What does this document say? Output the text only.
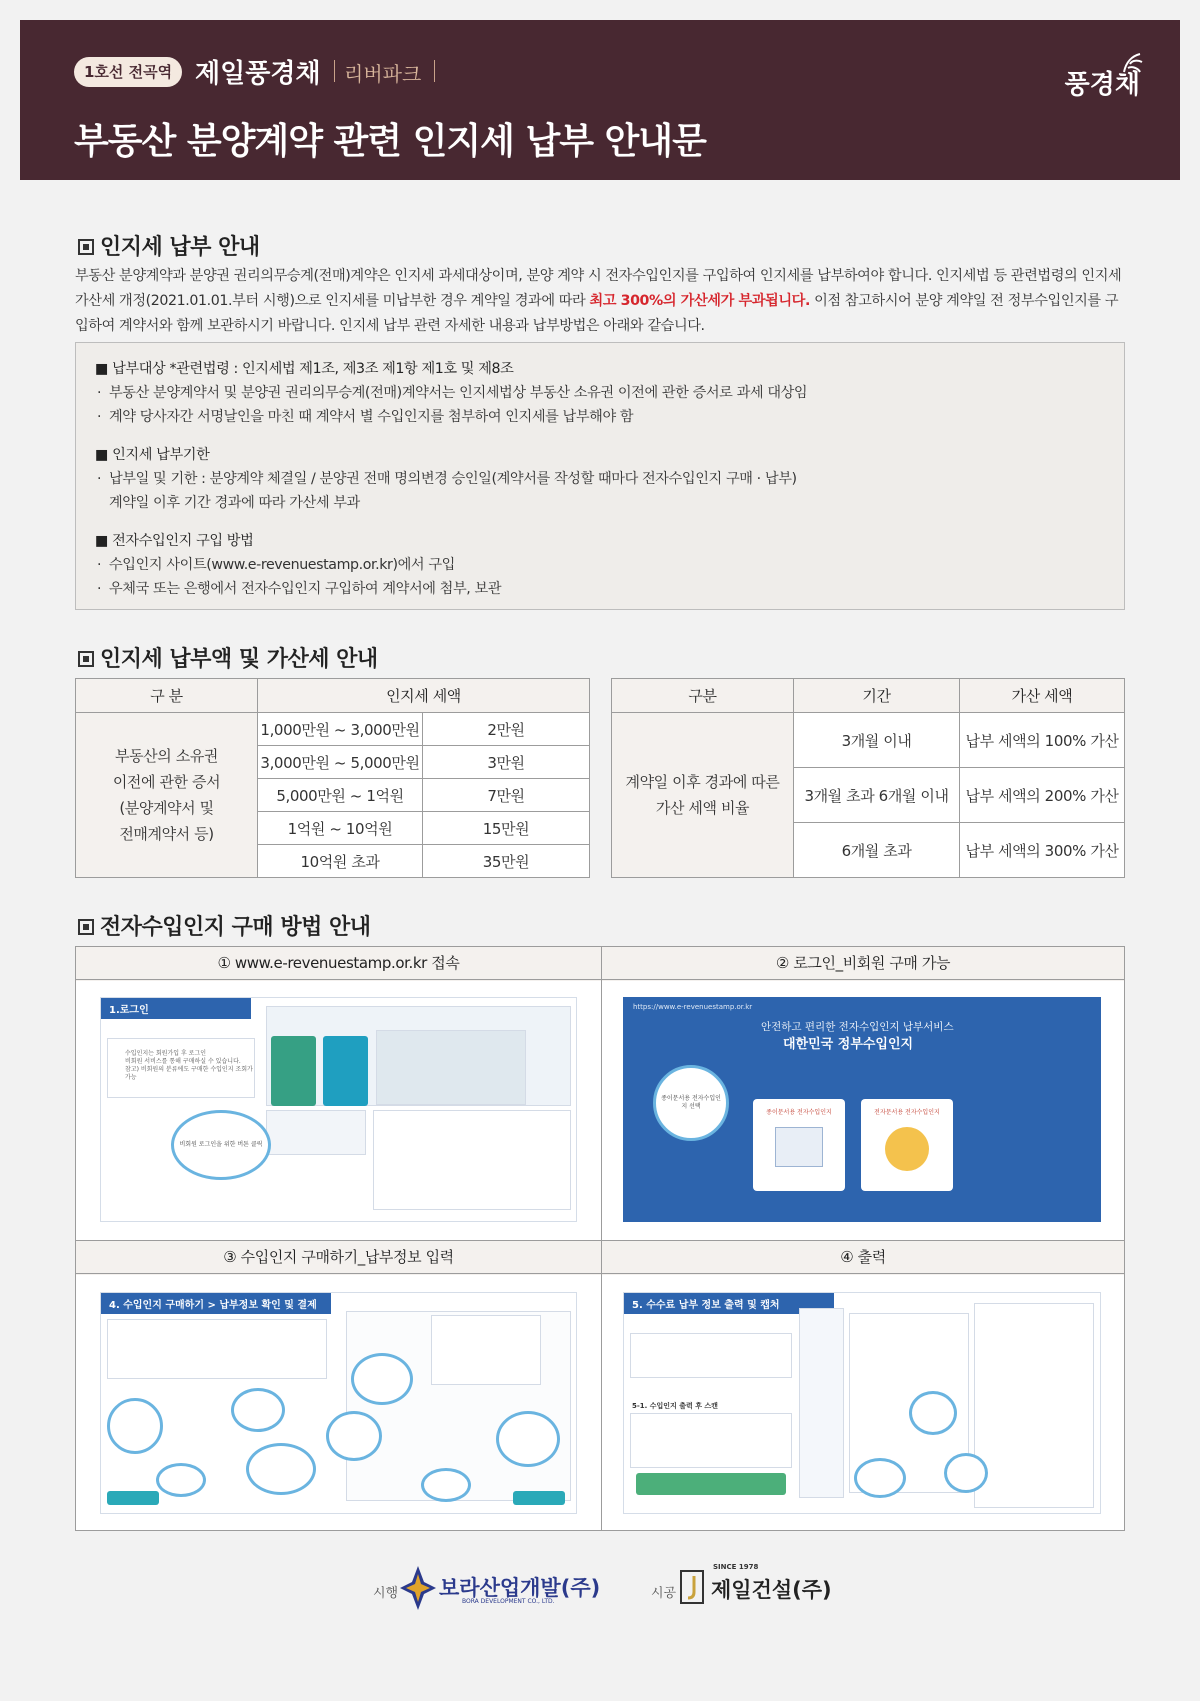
1호선 전곡역 제일풍경채 리버파크
부동산 분양계약 관련 인지세 납부 안내문
풍경채
인지세 납부 안내
부동산 분양계약과 분양권 권리의무승계(전매)계약은 인지세 과세대상이며, 분양 계약 시 전자수입인지를 구입하여 인지세를 납부하여야 합니다. 인지세법 등 관련법령의 인지세 가산세 개정(2021.01.01.부터 시행)으로 인지세를 미납부한 경우 계약일 경과에 따라 최고 300%의 가산세가 부과됩니다. 이점 참고하시어 분양 계약일 전 정부수입인지를 구입하여 계약서와 함께 보관하시기 바랍니다. 인지세 납부 관련 자세한 내용과 납부방법은 아래와 같습니다.
■ 납부대상 *관련법령 : 인지세법 제1조, 제3조 제1항 제1호 및 제8조
· 부동산 분양계약서 및 분양권 권리의무승계(전매)계약서는 인지세법상 부동산 소유권 이전에 관한 증서로 과세 대상임
· 계약 당사자간 서명날인을 마친 때 계약서 별 수입인지를 첨부하여 인지세를 납부해야 함
■ 인지세 납부기한
· 납부일 및 기한 : 분양계약 체결일 / 분양권 전매 명의변경 승인일(계약서를 작성할 때마다 전자수입인지 구매 · 납부)
계약일 이후 기간 경과에 따라 가산세 부과
■ 전자수입인지 구입 방법
· 수입인지 사이트(www.e-revenuestamp.or.kr)에서 구입
· 우체국 또는 은행에서 전자수입인지 구입하여 계약서에 첨부, 보관
인지세 납부액 및 가산세 안내
구 분	인지세 세액	

부동산의 소유권
이전에 관한 증서
(분양계약서 및
전매계약서 등)	1,000만원 ~ 3,000만원	2만원
	3,000만원 ~ 5,000만원	3만원
	5,000만원 ~ 1억원	7만원
	1억원 ~ 10억원	15만원
	10억원 초과	35만원
구분	기간	가산 세액

계약일 이후 경과에 따른
가산 세액 비율	3개월 이내	납부 세액의 100% 가산
	3개월 초과 6개월 이내	납부 세액의 200% 가산
	6개월 초과	납부 세액의 300% 가산
전자수입인지 구매 방법 안내
① www.e-revenuestamp.or.kr 접속	② 로그인_비회원 구매 가능
③ 수입인지 구매하기_납부정보 입력	④ 출력
1.로그인
수입인지는 회원가입 후 로그인
비회원 서비스를 통해 구매하실 수 있습니다.
참고) 비회원의 분류에도 구매한 수입인지 조회가 가능
비회원 로그인을 위한 버튼 클릭
https://www.e-revenuestamp.or.kr
안전하고 편리한 전자수입인지 납부서비스
대한민국 정부수입인지
종이문서용 전자수입인지	전자문서용 전자수입인지
종이문서용 전자수입인지 선택
4. 수입인지 구매하기 > 납부정보 확인 및 결제	5. 수수료 납부 정보 출력 및 캡처
5-1. 수입인지 출력 후 스캔
시행 보라산업개발(주)
BORA DEVELOPMENT CO., LTD.
시공
SINCE 1978
제일건설(주)
